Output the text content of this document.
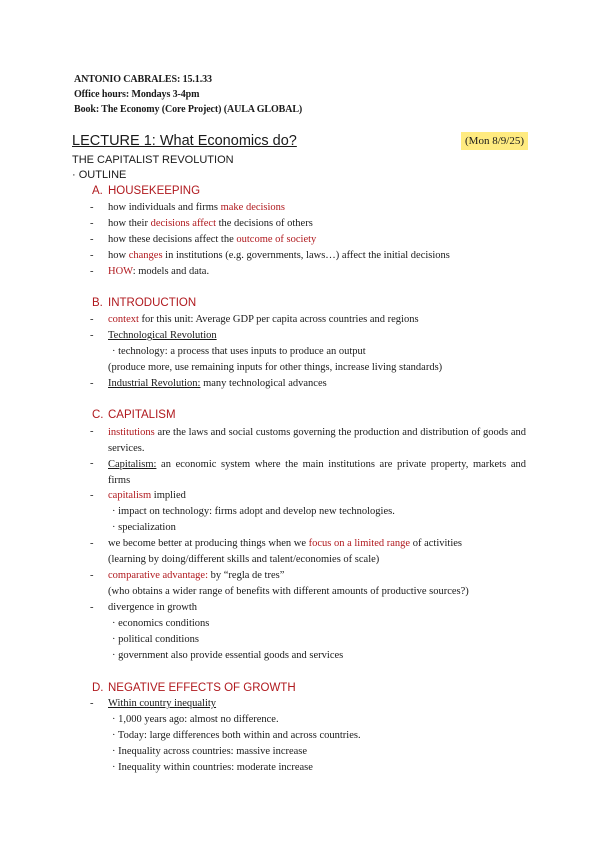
ANTONIO CABRALES: 15.1.33
Office hours: Mondays 3-4pm
Book: The Economy (Core Project) (AULA GLOBAL)
LECTURE 1: What Economics do?	(Mon 8/9/25)
THE CAPITALIST REVOLUTION
· OUTLINE
A. HOUSEKEEPING
- how individuals and firms make decisions
- how their decisions affect the decisions of others
- how these decisions affect the outcome of society
- how changes in institutions (e.g. governments, laws…) affect the initial decisions
- HOW: models and data.
B. INTRODUCTION
- context for this unit: Average GDP per capita across countries and regions
- Technological Revolution
· technology: a process that uses inputs to produce an output
(produce more, use remaining inputs for other things, increase living standards)
- Industrial Revolution: many technological advances
C. CAPITALISM
- institutions are the laws and social customs governing the production and distribution of goods and services.
- Capitalism: an economic system where the main institutions are private property, markets and firms
- capitalism implied
· impact on technology: firms adopt and develop new technologies.
· specialization
- we become better at producing things when we focus on a limited range of activities
(learning by doing/different skills and talent/economies of scale)
- comparative advantage: by “regla de tres”
(who obtains a wider range of benefits with different amounts of productive sources?)
- divergence in growth
· economics conditions
· political conditions
· government also provide essential goods and services
D. NEGATIVE EFFECTS OF GROWTH
- Within country inequality
· 1,000 years ago: almost no difference.
· Today: large differences both within and across countries.
· Inequality across countries: massive increase
· Inequality within countries: moderate increase
